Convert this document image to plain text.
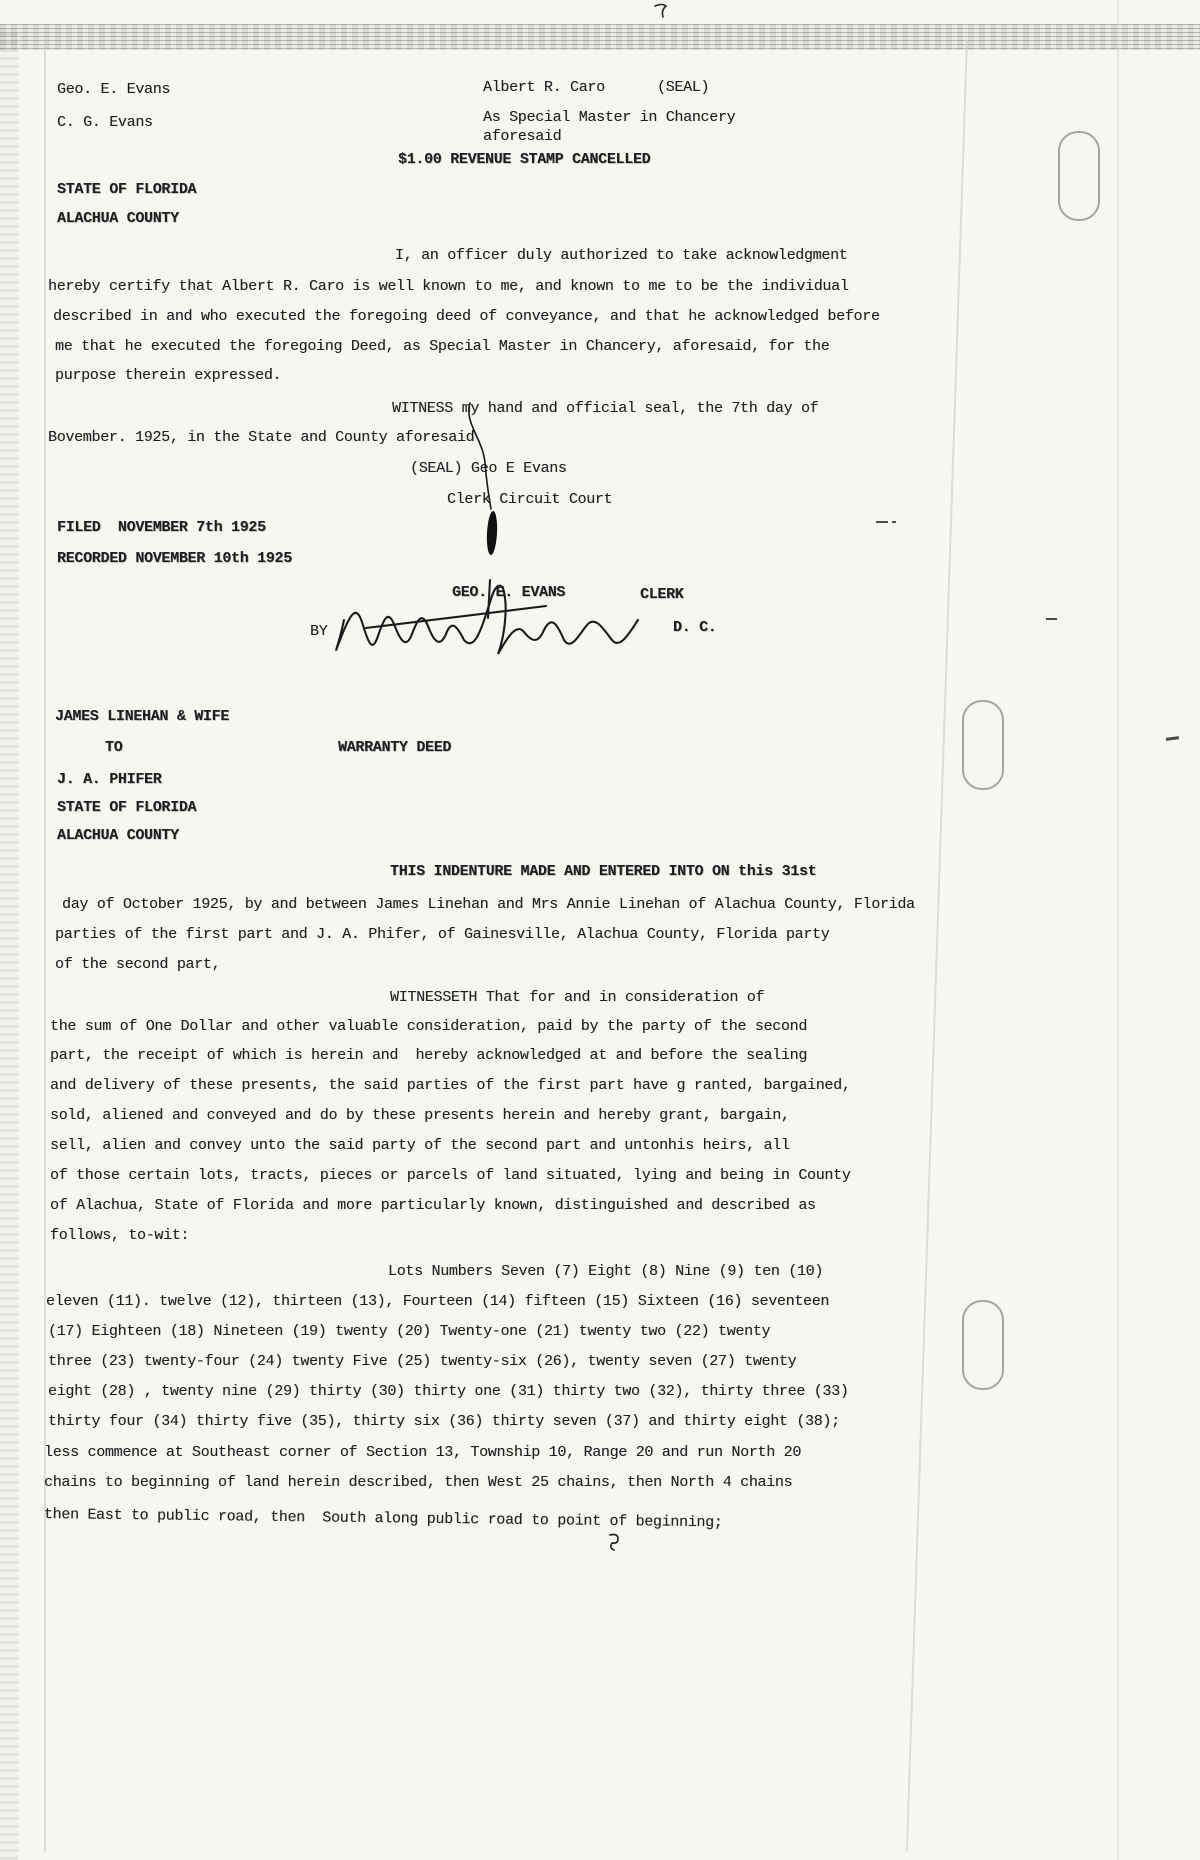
Geo. E. Evans
C. G. Evans
Albert R. Caro	(SEAL)
As Special Master in Chancery
aforesaid
$1.00 REVENUE STAMP CANCELLED
STATE OF FLORIDA
ALACHUA COUNTY
I, an officer duly authorized to take acknowledgment
hereby certify that Albert R. Caro is well known to me, and known to me to be the individual
described in and who executed the foregoing deed of conveyance, and that he acknowledged before
me that he executed the foregoing Deed, as Special Master in Chancery, aforesaid, for the
purpose therein expressed.
WITNESS my hand and official seal, the 7th day of
Bovember. 1925, in the State and County aforesaid
(SEAL) Geo E Evans
Clerk Circuit Court
FILED  NOVEMBER 7th 1925
RECORDED NOVEMBER 10th 1925
GEO. E. EVANS	CLERK
BY	D. C.
JAMES LINEHAN & WIFE
TO	WARRANTY DEED
J. A. PHIFER
STATE OF FLORIDA
ALACHUA COUNTY
THIS INDENTURE MADE AND ENTERED INTO ON this 31st
day of October 1925, by and between James Linehan and Mrs Annie Linehan of Alachua County, Florida
parties of the first part and J. A. Phifer, of Gainesville, Alachua County, Florida party
of the second part,
WITNESSETH That for and in consideration of
the sum of One Dollar and other valuable consideration, paid by the party of the second
part, the receipt of which is herein and  hereby acknowledged at and before the sealing
and delivery of these presents, the said parties of the first part have g ranted, bargained,
sold, aliened and conveyed and do by these presents herein and hereby grant, bargain,
sell, alien and convey unto the said party of the second part and untonhis heirs, all
of those certain lots, tracts, pieces or parcels of land situated, lying and being in County
of Alachua, State of Florida and more particularly known, distinguished and described as
follows, to-wit:
Lots Numbers Seven (7) Eight (8) Nine (9) ten (10)
eleven (11). twelve (12), thirteen (13), Fourteen (14) fifteen (15) Sixteen (16) seventeen
(17) Eighteen (18) Nineteen (19) twenty (20) Twenty-one (21) twenty two (22) twenty
three (23) twenty-four (24) twenty Five (25) twenty-six (26), twenty seven (27) twenty
eight (28) , twenty nine (29) thirty (30) thirty one (31) thirty two (32), thirty three (33)
thirty four (34) thirty five (35), thirty six (36) thirty seven (37) and thirty eight (38);
less commence at Southeast corner of Section 13, Township 10, Range 20 and run North 20
chains to beginning of land herein described, then West 25 chains, then North 4 chains
then East to public road, then  South along public road to point of beginning;
